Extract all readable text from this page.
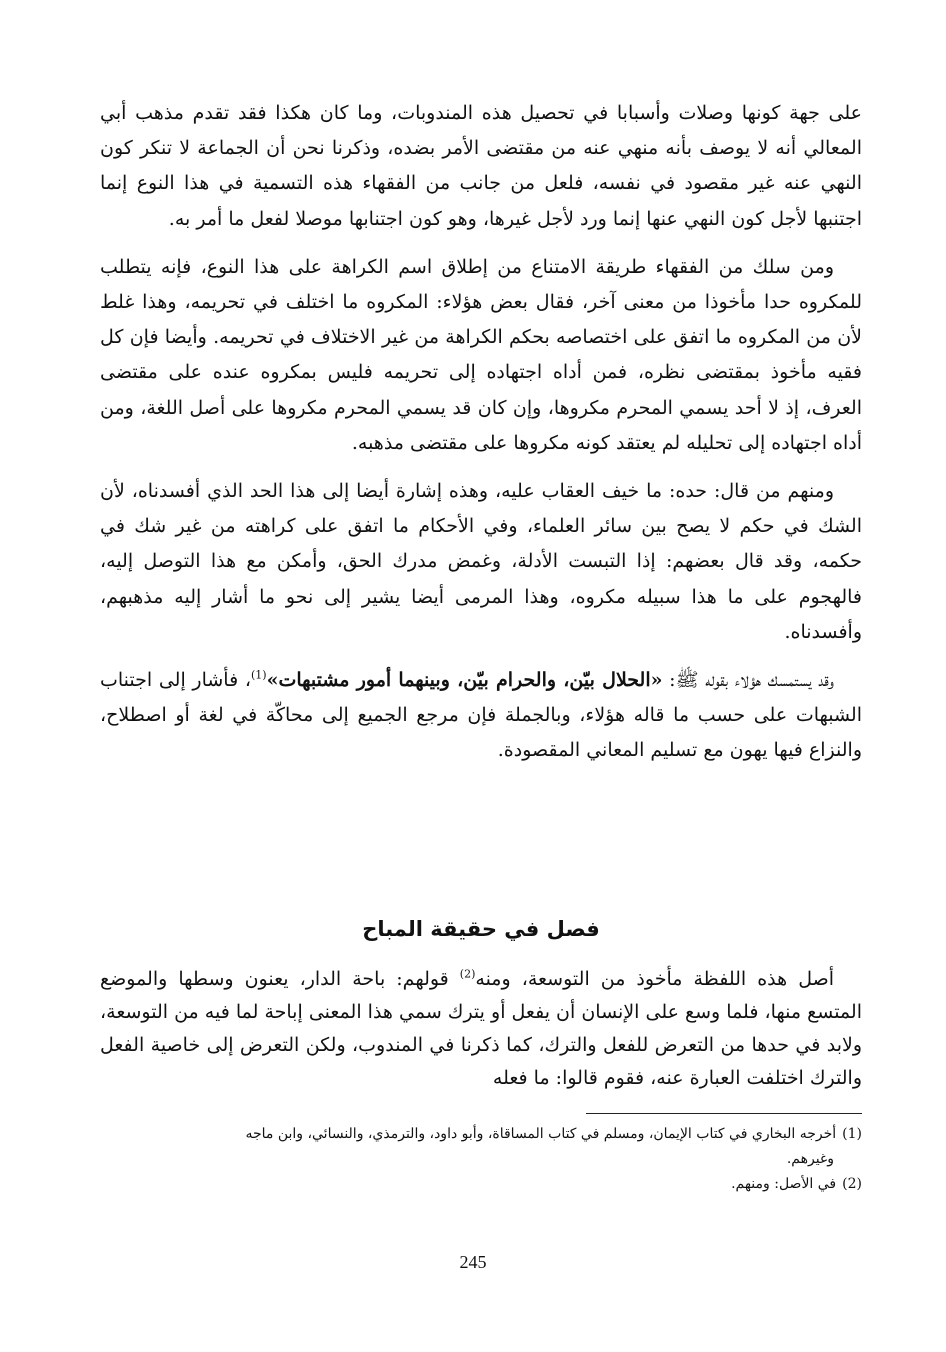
على جهة كونها وصلات وأسبابا في تحصيل هذه المندوبات، وما كان هكذا فقد تقدم مذهب أبي المعالي أنه لا يوصف بأنه منهي عنه من مقتضى الأمر بضده، وذكرنا نحن أن الجماعة لا تنكر كون النهي عنه غير مقصود في نفسه، فلعل من جانب من الفقهاء هذه التسمية في هذا النوع إنما اجتنبها لأجل كون النهي عنها إنما ورد لأجل غيرها، وهو كون اجتنابها موصلا لفعل ما أمر به.

ومن سلك من الفقهاء طريقة الامتناع من إطلاق اسم الكراهة على هذا النوع، فإنه يتطلب للمكروه حدا مأخوذا من معنى آخر، فقال بعض هؤلاء: المكروه ما اختلف في تحريمه، وهذا غلط لأن من المكروه ما اتفق على اختصاصه بحكم الكراهة من غير الاختلاف في تحريمه. وأيضا فإن كل فقيه مأخوذ بمقتضى نظره، فمن أداه اجتهاده إلى تحريمه فليس بمكروه عنده على مقتضى العرف، إذ لا أحد يسمي المحرم مكروها، وإن كان قد يسمي المحرم مكروها على أصل اللغة، ومن أداه اجتهاده إلى تحليله لم يعتقد كونه مكروها على مقتضى مذهبه.

ومنهم من قال: حده: ما خيف العقاب عليه، وهذه إشارة أيضا إلى هذا الحد الذي أفسدناه، لأن الشك في حكم لا يصح بين سائر العلماء، وفي الأحكام ما اتفق على كراهته من غير شك في حكمه، وقد قال بعضهم: إذا التبست الأدلة، وغمض مدرك الحق، وأمكن مع هذا التوصل إليه، فالهجوم على ما هذا سبيله مكروه، وهذا المرمى أيضا يشير إلى نحو ما أشار إليه مذهبهم، وأفسدناه.

وقد يستمسك هؤلاء بقوله ﷺ: «الحلال بيّن، والحرام بيّن، وبينهما أمور مشتبهات»$^{(1)}$، فأشار إلى اجتناب الشبهات على حسب ما قاله هؤلاء، وبالجملة فإن مرجع الجميع إلى محاكّة في لغة أو اصطلاح، والنزاع فيها يهون مع تسليم المعاني المقصودة.

فصل في حقيقة المباح

أصل هذه اللفظة مأخوذ من التوسعة، ومنه$^{(2)}$ قولهم: باحة الدار، يعنون وسطها والموضع المتسع منها، فلما وسع على الإنسان أن يفعل أو يترك سمي هذا المعنى إباحة لما فيه من التوسعة، ولابد في حدها من التعرض للفعل والترك، كما ذكرنا في المندوب، ولكن التعرض إلى خاصية الفعل والترك اختلفت العبارة عنه، فقوم قالوا: ما فعله

(1)أخرجه البخاري في كتاب الإيمان، ومسلم في كتاب المساقاة، وأبو داود، والترمذي، والنسائي، وابن ماجه
وغيرهم.

(2)في الأصل: ومنهم.

245
